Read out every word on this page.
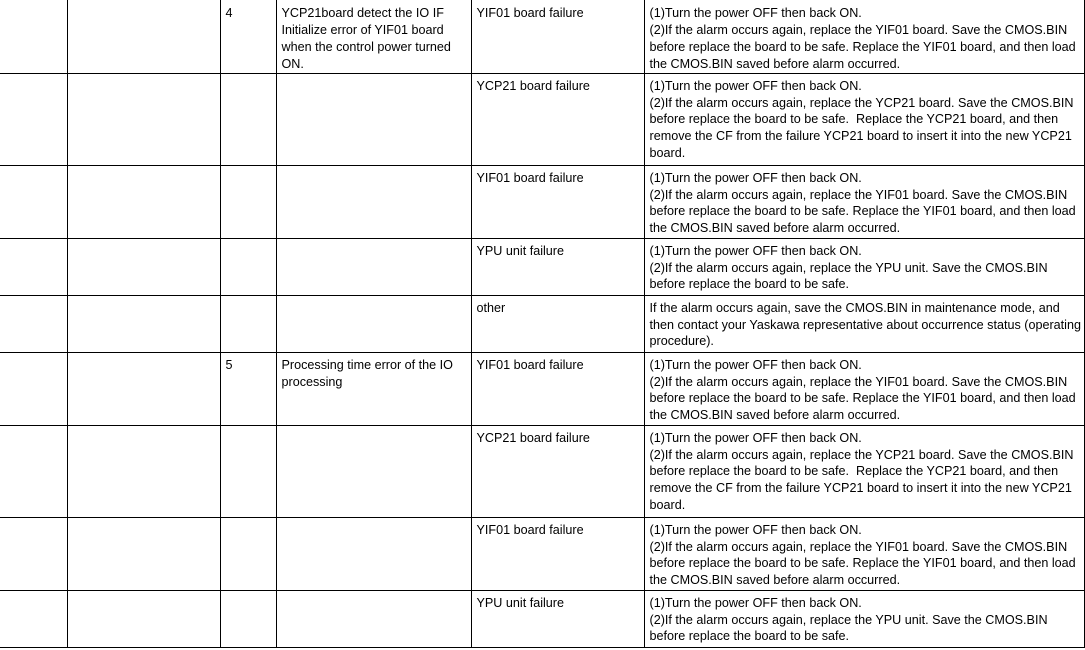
		4	YCP21board detect the IO IF Initialize error of YIF01 board when the control power turned ON.	YIF01 board failure	(1)Turn the power OFF then back ON.
(2)If the alarm occurs again, replace the YIF01 board. Save the CMOS.BIN before replace the board to be safe. Replace the YIF01 board, and then load the CMOS.BIN saved before alarm occurred.
				YCP21 board failure	(1)Turn the power OFF then back ON.
(2)If the alarm occurs again, replace the YCP21 board. Save the CMOS.BIN before replace the board to be safe.  Replace the YCP21 board, and then remove the CF from the failure YCP21 board to insert it into the new YCP21 board.
				YIF01 board failure	(1)Turn the power OFF then back ON.
(2)If the alarm occurs again, replace the YIF01 board. Save the CMOS.BIN before replace the board to be safe. Replace the YIF01 board, and then load the CMOS.BIN saved before alarm occurred.
				YPU unit failure	(1)Turn the power OFF then back ON.
(2)If the alarm occurs again, replace the YPU unit. Save the CMOS.BIN before replace the board to be safe.
				other	If the alarm occurs again, save the CMOS.BIN in maintenance mode, and then contact your Yaskawa representative about occurrence status (operating procedure).
		5	Processing time error of the IO processing	YIF01 board failure	(1)Turn the power OFF then back ON.
(2)If the alarm occurs again, replace the YIF01 board. Save the CMOS.BIN before replace the board to be safe. Replace the YIF01 board, and then load the CMOS.BIN saved before alarm occurred.
				YCP21 board failure	(1)Turn the power OFF then back ON.
(2)If the alarm occurs again, replace the YCP21 board. Save the CMOS.BIN before replace the board to be safe.  Replace the YCP21 board, and then remove the CF from the failure YCP21 board to insert it into the new YCP21 board.
				YIF01 board failure	(1)Turn the power OFF then back ON.
(2)If the alarm occurs again, replace the YIF01 board. Save the CMOS.BIN before replace the board to be safe. Replace the YIF01 board, and then load the CMOS.BIN saved before alarm occurred.
				YPU unit failure	(1)Turn the power OFF then back ON.
(2)If the alarm occurs again, replace the YPU unit. Save the CMOS.BIN before replace the board to be safe.
